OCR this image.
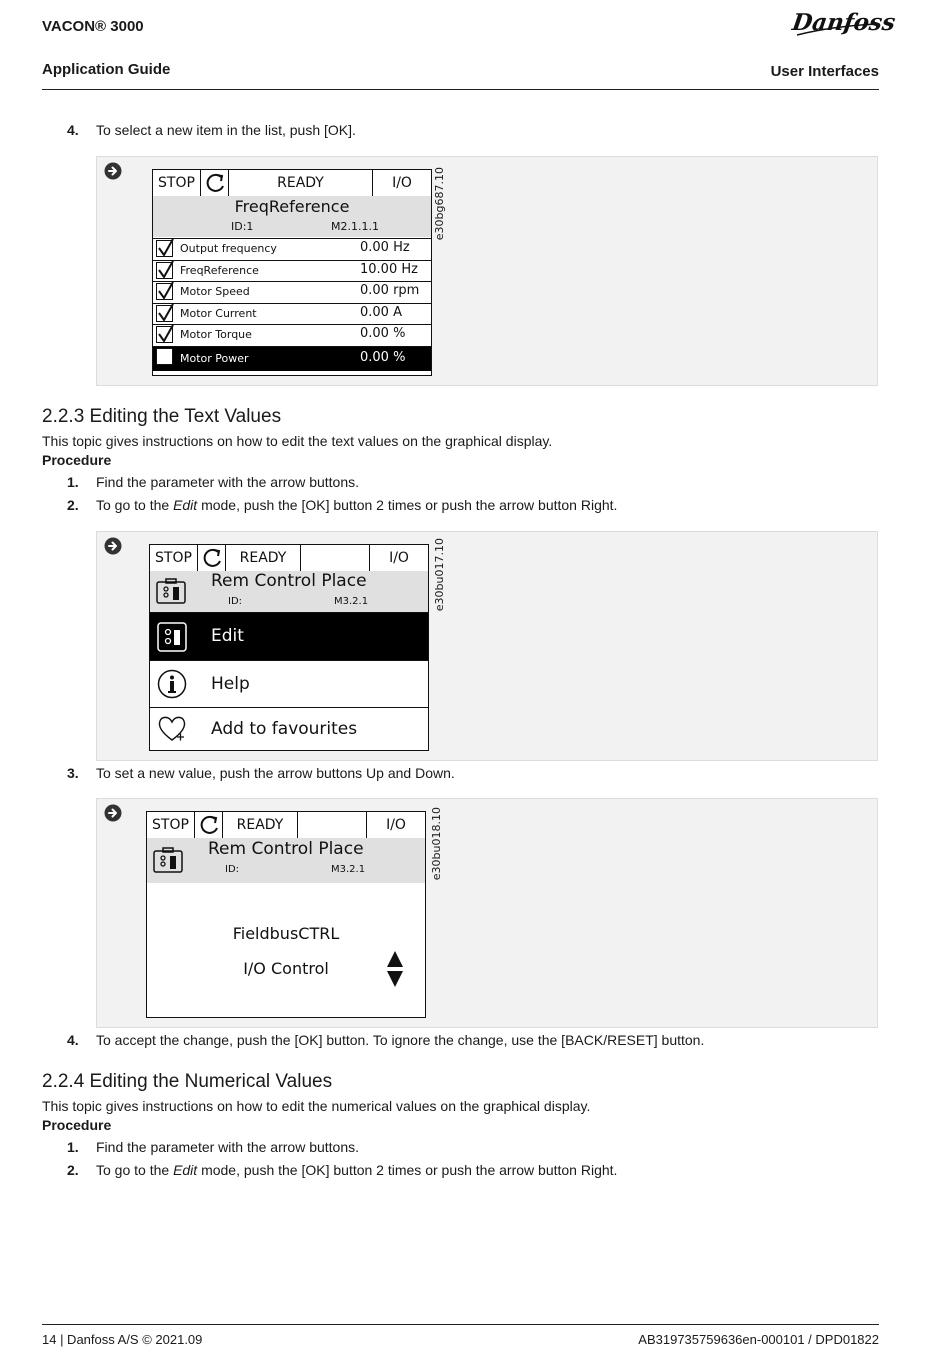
VACON® 3000
Application Guide	User Interfaces
Danfoss
4. To select a new item in the list, push [OK].
STOP	READY	I/O
FreqReference
ID:1	M2.1.1.1
Output frequency	0.00 Hz
FreqReference	10.00 Hz
Motor Speed	0.00 rpm
Motor Current	0.00 A
Motor Torque	0.00 %
Motor Power	0.00 %
e30bg687.10
2.2.3 Editing the Text Values
This topic gives instructions on how to edit the text values on the graphical display.
Procedure
1. Find the parameter with the arrow buttons.
2. To go to the Edit mode, push the [OK] button 2 times or push the arrow button Right.
STOP	READY	I/O
Rem Control Place
ID:	M3.2.1
Edit
Help
Add to favourites
e30bu017.10
3. To set a new value, push the arrow buttons Up and Down.
STOP	READY	I/O
Rem Control Place
ID:	M3.2.1
FieldbusCTRL
I/O Control
e30bu018.10
4. To accept the change, push the [OK] button. To ignore the change, use the [BACK/RESET] button.
2.2.4 Editing the Numerical Values
This topic gives instructions on how to edit the numerical values on the graphical display.
Procedure
1. Find the parameter with the arrow buttons.
2. To go to the Edit mode, push the [OK] button 2 times or push the arrow button Right.
14 | Danfoss A/S © 2021.09	AB319735759636en-000101 / DPD01822
